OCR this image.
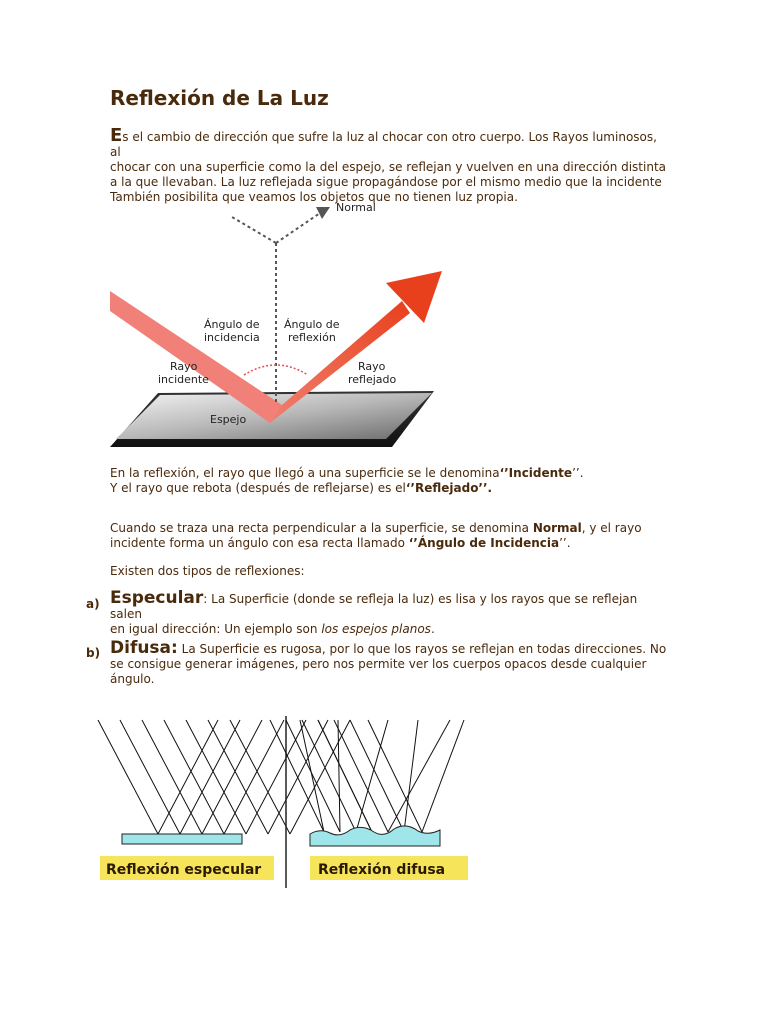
Reflexión de La Luz
Es el cambio de dirección que sufre la luz al chocar con otro cuerpo. Los Rayos luminosos, al
chocar con una superficie como la del espejo, se reflejan y vuelven en una dirección distinta
a la que llevaban. La luz reflejada sigue propagándose por el mismo medio que la incidente
También posibilita que veamos los objetos que no tienen luz propia.
Espejo
Normal
Ángulo de
incidencia
Ángulo de
reflexión
Rayo
incidente
Rayo
reflejado
En la reflexión, el rayo que llegó a una superficie se le denomina‘’Incidente’’.
Y el rayo que rebota (después de reflejarse) es el‘’Reflejado’’.
Cuando se traza una recta perpendicular a la superficie, se denomina Normal, y el rayo
incidente forma un ángulo con esa recta llamado ‘’Ángulo de Incidencia’’.
Existen dos tipos de reflexiones:
a) Especular: La Superficie (donde se refleja la luz) es lisa y los rayos que se reflejan salen
en igual dirección: Un ejemplo son los espejos planos.
b) Difusa: La Superficie es rugosa, por lo que los rayos se reflejan en todas direcciones. No
se consigue generar imágenes, pero nos permite ver los cuerpos opacos desde cualquier
ángulo.
Reflexión especular	Reflexión difusa
